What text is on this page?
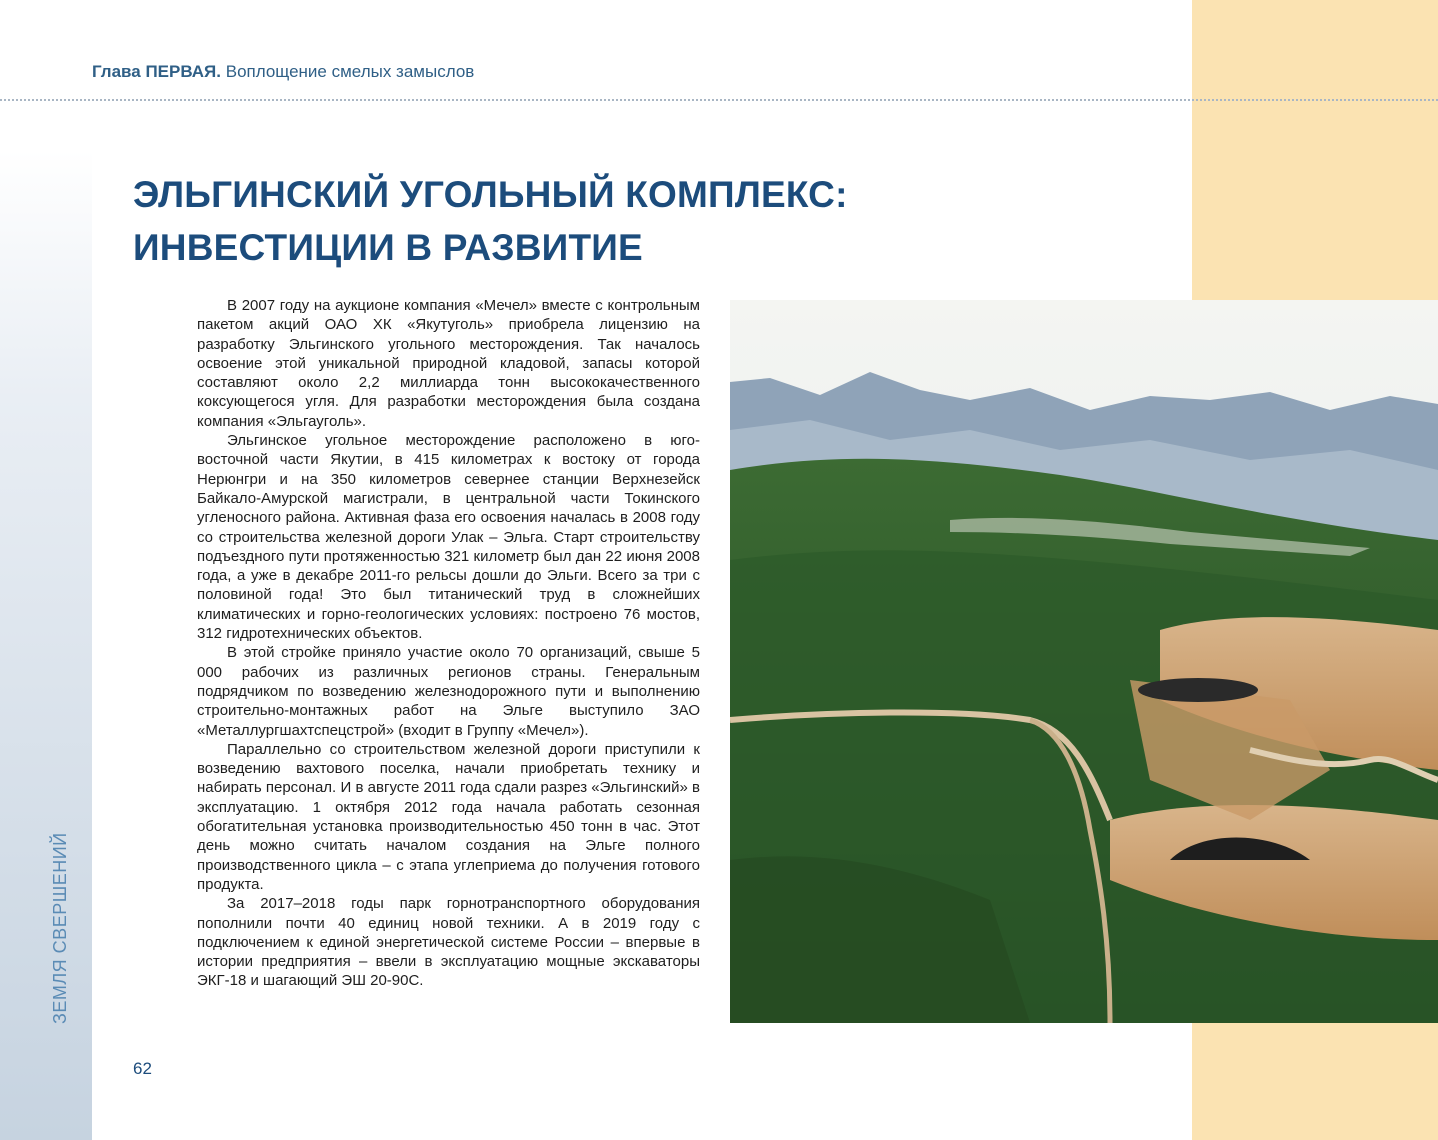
Глава ПЕРВАЯ. Воплощение смелых замыслов
ЭЛЬГИНСКИЙ УГОЛЬНЫЙ КОМПЛЕКС:
ИНВЕСТИЦИИ В РАЗВИТИЕ

В 2007 году на аукционе компания «Мечел» вместе с контрольным пакетом акций ОАО ХК «Якутуголь» приобрела лицензию на разработку Эльгинского угольного месторождения. Так началось освоение этой уникальной природной кладовой, запасы которой составляют около 2,2 миллиарда тонн высококачественного коксующегося угля. Для разработки месторождения была создана компания «Эльгауголь».

Эльгинское угольное месторождение расположено в юго-восточной части Якутии, в 415 километрах к востоку от города Нерюнгри и на 350 километров севернее станции Верхнезейск Байкало-Амурской магистрали, в центральной части Токинского угленосного района. Активная фаза его освоения началась в 2008 году со строительства железной дороги Улак – Эльга. Старт строительству подъездного пути протяженностью 321 километр был дан 22 июня 2008 года, а уже в декабре 2011-го рельсы дошли до Эльги. Всего за три с половиной года! Это был титанический труд в сложнейших климатических и горно-геологических условиях: построено 76 мостов, 312 гидротехнических объектов.

В этой стройке приняло участие около 70 организаций, свыше 5 000 рабочих из различных регионов страны. Генеральным подрядчиком по возведению железнодорожного пути и выполнению строительно-монтажных работ на Эльге выступило ЗАО «Металлургшахтспецстрой» (входит в Группу «Мечел»).

Параллельно со строительством железной дороги приступили к возведению вахтового поселка, начали приобретать технику и набирать персонал. И в августе 2011 года сдали разрез «Эльгинский» в эксплуатацию. 1 октября 2012 года начала работать сезонная обогатительная установка производительностью 450 тонн в час. Этот день можно считать началом создания на Эльге полного производственного цикла – с этапа углеприема до получения готового продукта.

За 2017–2018 годы парк горнотранспортного оборудования пополнили почти 40 единиц новой техники. А в 2019 году с подключением к единой энергетической системе России – впервые в истории предприятия – ввели в эксплуатацию мощные экскаваторы ЭКГ-18 и шагающий ЭШ 20-90С.

ЗЕМЛЯ СВЕРШЕНИЙ
62
